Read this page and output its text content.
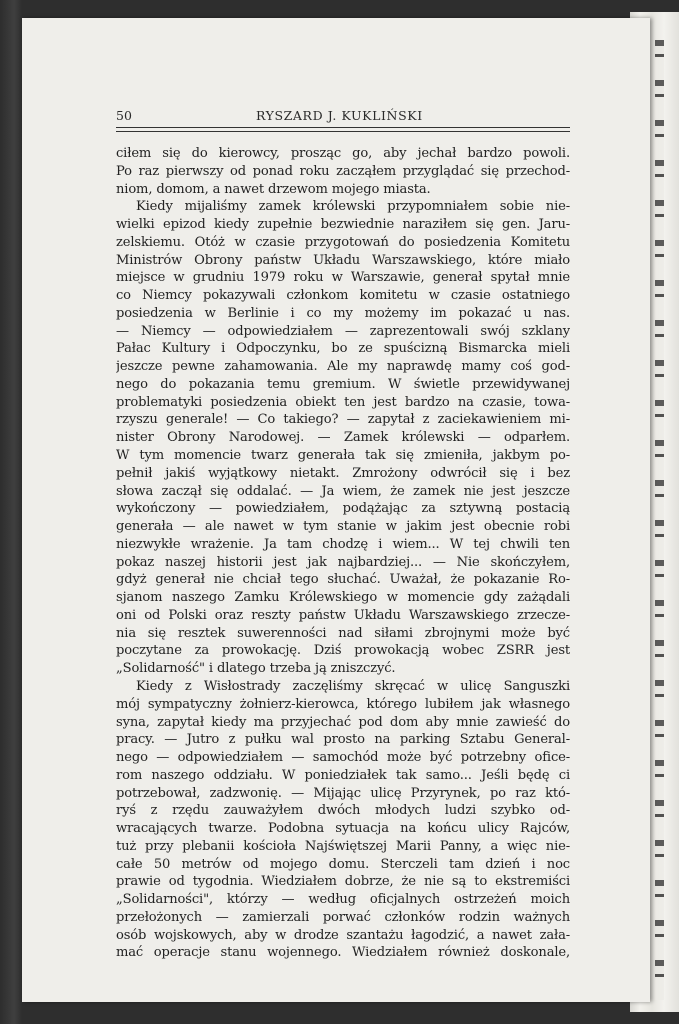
50	RYSZARD J. KUKLIŃSKI
ciłem się do kierowcy, prosząc go, aby jechał bardzo powoli.
Po raz pierwszy od ponad roku zacząłem przyglądać się przechod-
niom, domom, a nawet drzewom mojego miasta.
Kiedy mijaliśmy zamek królewski przypomniałem sobie nie-
wielki epizod kiedy zupełnie bezwiednie naraziłem się gen. Jaru-
zelskiemu. Otóż w czasie przygotowań do posiedzenia Komitetu
Ministrów Obrony państw Układu Warszawskiego, które miało
miejsce w grudniu 1979 roku w Warszawie, generał spytał mnie
co Niemcy pokazywali członkom komitetu w czasie ostatniego
posiedzenia w Berlinie i co my możemy im pokazać u nas.
— Niemcy — odpowiedziałem — zaprezentowali swój szklany
Pałac Kultury i Odpoczynku, bo ze spuścizną Bismarcka mieli
jeszcze pewne zahamowania. Ale my naprawdę mamy coś god-
nego do pokazania temu gremium. W świetle przewidywanej
problematyki posiedzenia obiekt ten jest bardzo na czasie, towa-
rzyszu generale! — Co takiego? — zapytał z zaciekawieniem mi-
nister Obrony Narodowej. — Zamek królewski — odparłem.
W tym momencie twarz generała tak się zmieniła, jakbym po-
pełnił jakiś wyjątkowy nietakt. Zmrożony odwrócił się i bez
słowa zaczął się oddalać. — Ja wiem, że zamek nie jest jeszcze
wykończony — powiedziałem, podążając za sztywną postacią
generała — ale nawet w tym stanie w jakim jest obecnie robi
niezwykłe wrażenie. Ja tam chodzę i wiem... W tej chwili ten
pokaz naszej historii jest jak najbardziej... — Nie skończyłem,
gdyż generał nie chciał tego słuchać. Uważał, że pokazanie Ro-
sjanom naszego Zamku Królewskiego w momencie gdy zażądali
oni od Polski oraz reszty państw Układu Warszawskiego zrzecze-
nia się resztek suwerenności nad siłami zbrojnymi może być
poczytane za prowokację. Dziś prowokacją wobec ZSRR jest
„Solidarność" i dlatego trzeba ją zniszczyć.
Kiedy z Wisłostrady zaczęliśmy skręcać w ulicę Sanguszki
mój sympatyczny żołnierz-kierowca, którego lubiłem jak własnego
syna, zapytał kiedy ma przyjechać pod dom aby mnie zawieść do
pracy. — Jutro z pułku wal prosto na parking Sztabu General-
nego — odpowiedziałem — samochód może być potrzebny ofice-
rom naszego oddziału. W poniedziałek tak samo... Jeśli będę ci
potrzebował, zadzwonię. — Mijając ulicę Przyrynek, po raz któ-
ryś z rzędu zauważyłem dwóch młodych ludzi szybko od-
wracających twarze. Podobna sytuacja na końcu ulicy Rajców,
tuż przy plebanii kościoła Najświętszej Marii Panny, a więc nie-
całe 50 metrów od mojego domu. Sterczeli tam dzień i noc
prawie od tygodnia. Wiedziałem dobrze, że nie są to ekstremiści
„Solidarności", którzy — według oficjalnych ostrzeżeń moich
przełożonych — zamierzali porwać członków rodzin ważnych
osób wojskowych, aby w drodze szantażu łagodzić, a nawet zała-
mać operacje stanu wojennego. Wiedziałem również doskonale,
